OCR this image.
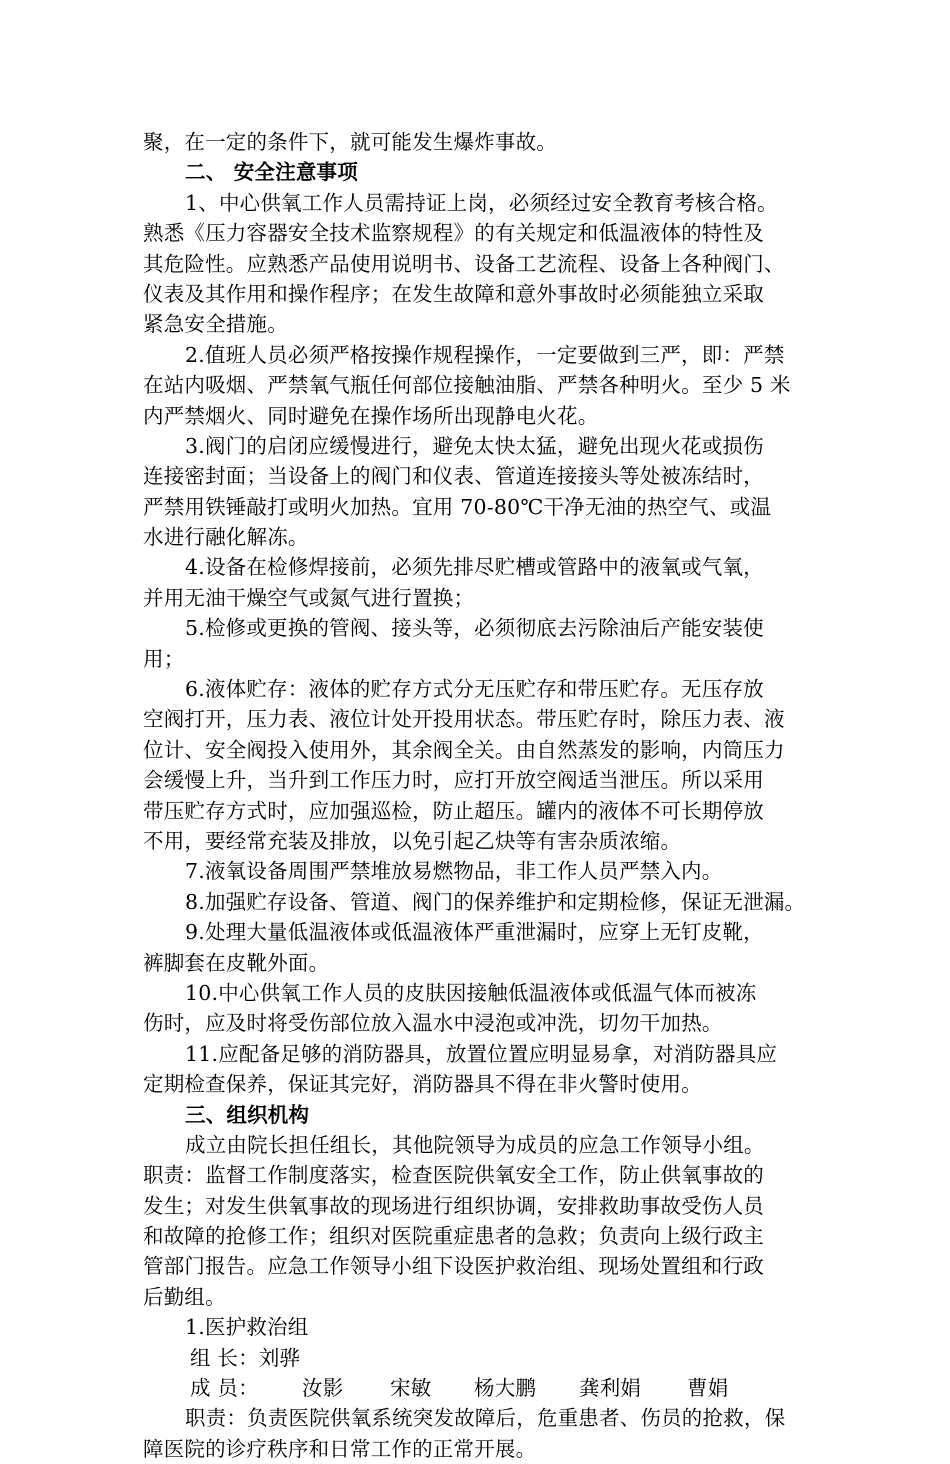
聚，在一定的条件下，就可能发生爆炸事故。
二、 安全注意事项
1、中心供氧工作人员需持证上岗，必须经过安全教育考核合格。
熟悉《压力容器安全技术监察规程》的有关规定和低温液体的特性及
其危险性。应熟悉产品使用说明书、设备工艺流程、设备上各种阀门、
仪表及其作用和操作程序；在发生故障和意外事故时必须能独立采取
紧急安全措施。
2.值班人员必须严格按操作规程操作，一定要做到三严，即：严禁
在站内吸烟、严禁氧气瓶任何部位接触油脂、严禁各种明火。至少 5 米
内严禁烟火、同时避免在操作场所出现静电火花。
3.阀门的启闭应缓慢进行，避免太快太猛，避免出现火花或损伤
连接密封面；当设备上的阀门和仪表、管道连接接头等处被冻结时，
严禁用铁锤敲打或明火加热。宜用 70-80℃干净无油的热空气、或温
水进行融化解冻。
4.设备在检修焊接前，必须先排尽贮槽或管路中的液氧或气氧，
并用无油干燥空气或氮气进行置换；
5.检修或更换的管阀、接头等，必须彻底去污除油后产能安装使
用；
6.液体贮存：液体的贮存方式分无压贮存和带压贮存。无压存放
空阀打开，压力表、液位计处开投用状态。带压贮存时，除压力表、液
位计、安全阀投入使用外，其余阀全关。由自然蒸发的影响，内筒压力
会缓慢上升，当升到工作压力时，应打开放空阀适当泄压。所以采用
带压贮存方式时，应加强巡检，防止超压。罐内的液体不可长期停放
不用，要经常充装及排放，以免引起乙炔等有害杂质浓缩。
7.液氧设备周围严禁堆放易燃物品，非工作人员严禁入内。
8.加强贮存设备、管道、阀门的保养维护和定期检修，保证无泄漏。
9.处理大量低温液体或低温液体严重泄漏时，应穿上无钉皮靴，
裤脚套在皮靴外面。
10.中心供氧工作人员的皮肤因接触低温液体或低温气体而被冻
伤时，应及时将受伤部位放入温水中浸泡或冲洗，切勿干加热。
11.应配备足够的消防器具，放置位置应明显易拿，对消防器具应
定期检查保养，保证其完好，消防器具不得在非火警时使用。
三、组织机构
成立由院长担任组长，其他院领导为成员的应急工作领导小组。
职责：监督工作制度落实，检查医院供氧安全工作，防止供氧事故的
发生；对发生供氧事故的现场进行组织协调，安排救助事故受伤人员
和故障的抢修工作；组织对医院重症患者的急救；负责向上级行政主
管部门报告。应急工作领导小组下设医护救治组、现场处置组和行政
后勤组。
1.医护救治组
组 长：刘骅
成 员： 汝影 宋敏 杨大鹏 龚利娟 曹娟
职责：负责医院供氧系统突发故障后，危重患者、伤员的抢救，保
障医院的诊疗秩序和日常工作的正常开展。
